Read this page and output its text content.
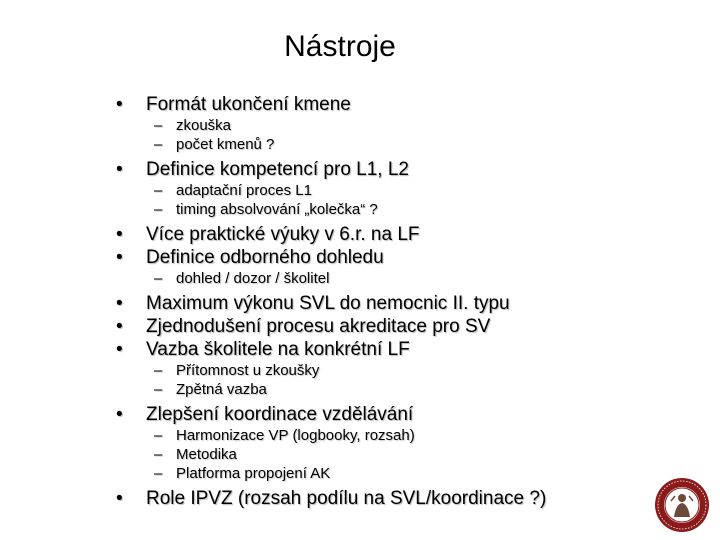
Nástroje
• Formát ukončení kmene
– zkouška
– počet kmenů ?
• Definice kompetencí pro L1, L2
– adaptační proces L1
– timing absolvování „kolečka“ ?
• Více praktické výuky v 6.r. na LF
• Definice odborného dohledu
– dohled / dozor / školitel
• Maximum výkonu SVL do nemocnic II. typu
• Zjednodušení procesu akreditace pro SV
• Vazba školitele na konkrétní LF
– Přítomnost u zkoušky
– Zpětná vazba
• Zlepšení koordinace vzdělávání
– Harmonizace VP (logbooky, rozsah)
– Metodika
– Platforma propojení AK
• Role IPVZ (rozsah podílu na SVL/koordinace ?)
